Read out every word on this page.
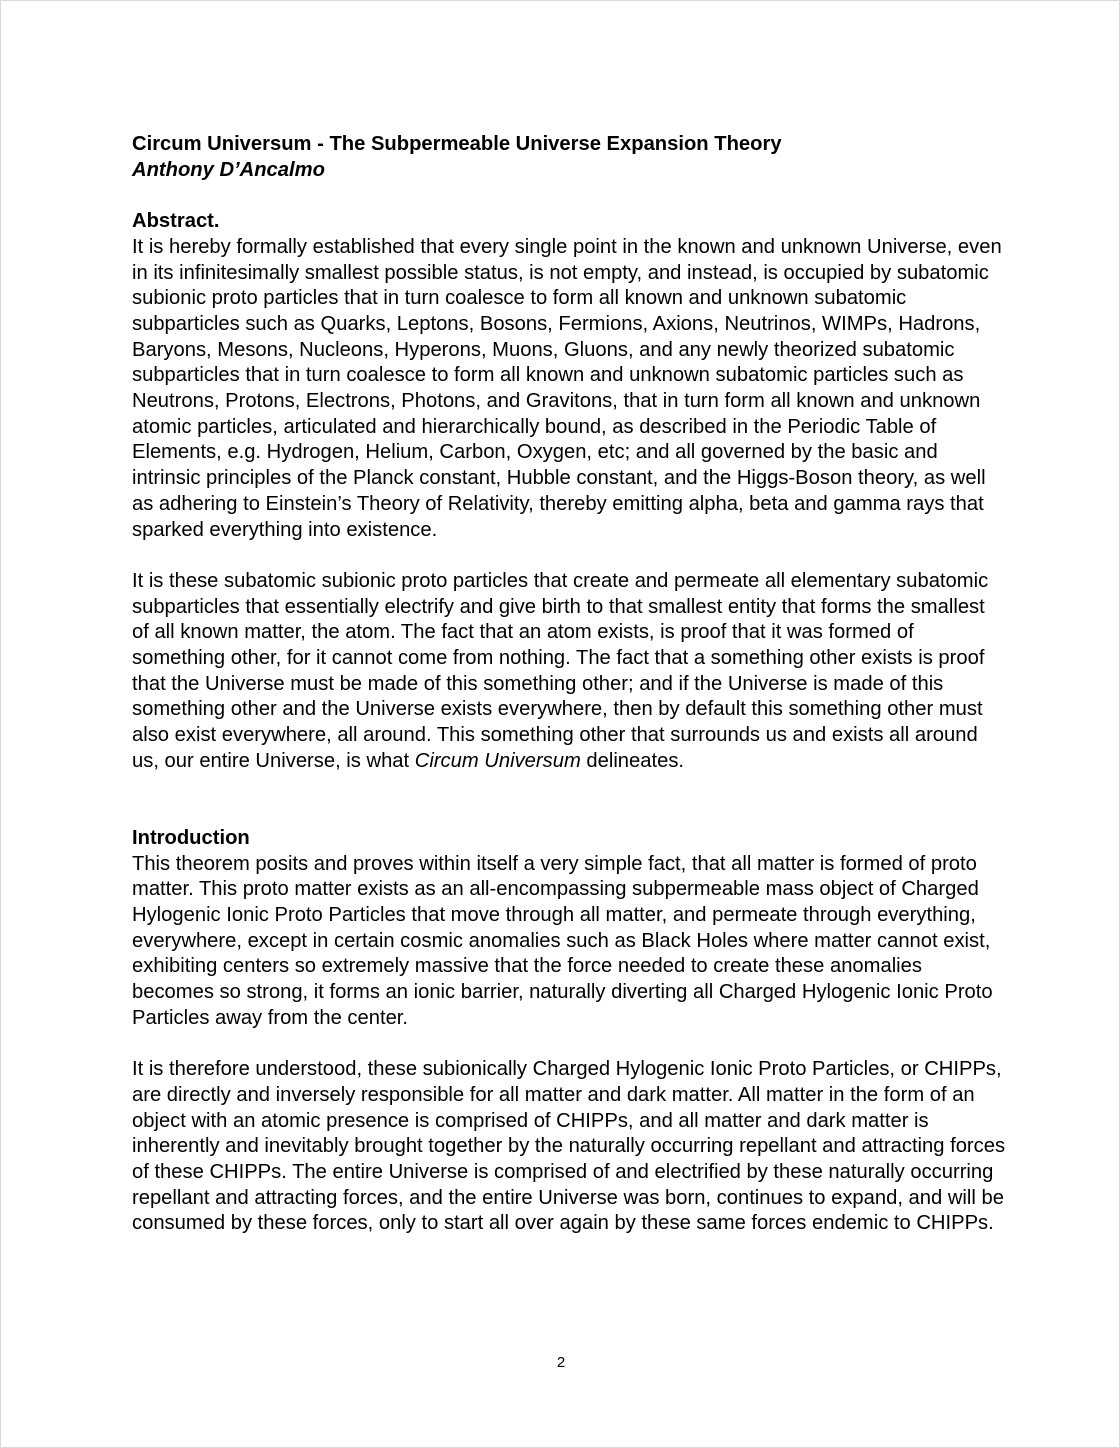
Circum Universum - The Subpermeable Universe Expansion Theory

Anthony D’Ancalmo

Abstract.

It is hereby formally established that every single point in the known and unknown Universe, even in its infinitesimally smallest possible status, is not empty, and instead, is occupied by subatomic subionic proto particles that in turn coalesce to form all known and unknown subatomic subparticles such as Quarks, Leptons, Bosons, Fermions, Axions, Neutrinos, WIMPs, Hadrons, Baryons, Mesons, Nucleons, Hyperons, Muons, Gluons, and any newly theorized subatomic subparticles that in turn coalesce to form all known and unknown subatomic particles such as Neutrons, Protons, Electrons, Photons, and Gravitons, that in turn form all known and unknown atomic particles, articulated and hierarchically bound, as described in the Periodic Table of Elements, e.g. Hydrogen, Helium, Carbon, Oxygen, etc; and all governed by the basic and intrinsic principles of the Planck constant, Hubble constant, and the Higgs-Boson theory, as well as adhering to Einstein’s Theory of Relativity, thereby emitting alpha, beta and gamma rays that sparked everything into existence.

It is these subatomic subionic proto particles that create and permeate all elementary subatomic subparticles that essentially electrify and give birth to that smallest entity that forms the smallest of all known matter, the atom. The fact that an atom exists, is proof that it was formed of something other, for it cannot come from nothing. The fact that a something other exists is proof that the Universe must be made of this something other; and if the Universe is made of this something other and the Universe exists everywhere, then by default this something other must also exist everywhere, all around. This something other that surrounds us and exists all around us, our entire Universe, is what Circum Universum delineates.

Introduction

This theorem posits and proves within itself a very simple fact, that all matter is formed of proto matter. This proto matter exists as an all-encompassing subpermeable mass object of Charged Hylogenic Ionic Proto Particles that move through all matter, and permeate through everything, everywhere, except in certain cosmic anomalies such as Black Holes where matter cannot exist, exhibiting centers so extremely massive that the force needed to create these anomalies becomes so strong, it forms an ionic barrier, naturally diverting all Charged Hylogenic Ionic Proto Particles away from the center.

It is therefore understood, these subionically Charged Hylogenic Ionic Proto Particles, or CHIPPs, are directly and inversely responsible for all matter and dark matter. All matter in the form of an object with an atomic presence is comprised of CHIPPs, and all matter and dark matter is inherently and inevitably brought together by the naturally occurring repellant and attracting forces of these CHIPPs. The entire Universe is comprised of and electrified by these naturally occurring repellant and attracting forces, and the entire Universe was born, continues to expand, and will be consumed by these forces, only to start all over again by these same forces endemic to CHIPPs.

2
